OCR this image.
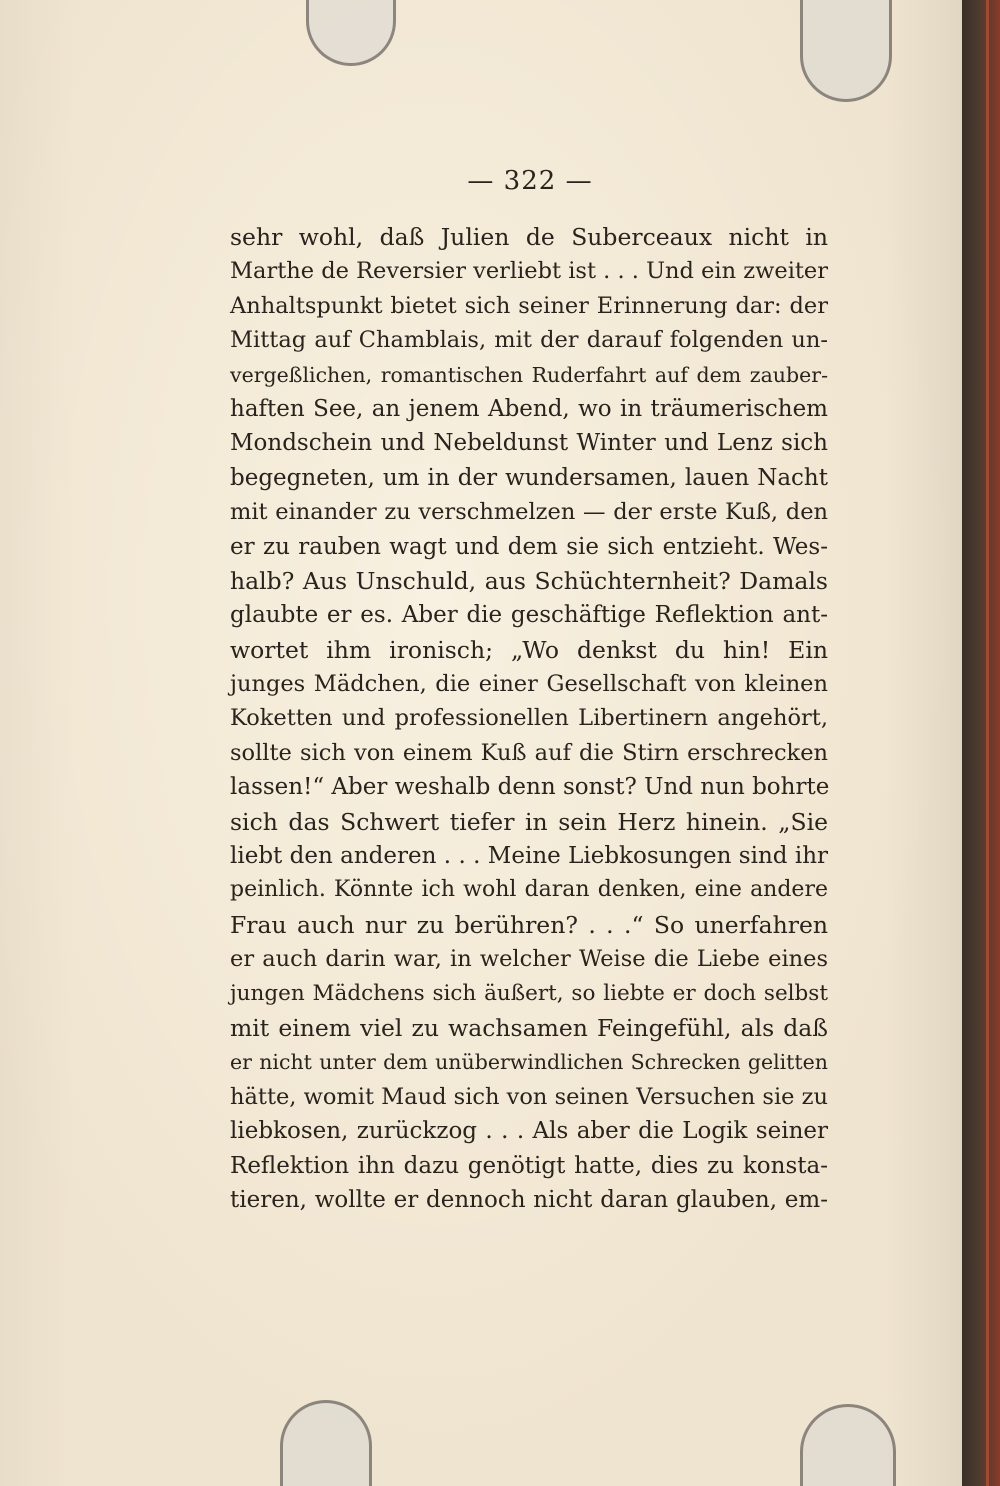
— 322 —
sehr wohl, daß Julien de Suberceaux nicht in
Marthe de Reversier verliebt ist . . . Und ein zweiter
Anhaltspunkt bietet sich seiner Erinnerung dar: der
Mittag auf Chamblais, mit der darauf folgenden un-
vergeßlichen, romantischen Ruderfahrt auf dem zauber-
haften See, an jenem Abend, wo in träumerischem
Mondschein und Nebeldunst Winter und Lenz sich
begegneten, um in der wundersamen, lauen Nacht
mit einander zu verschmelzen — der erste Kuß, den
er zu rauben wagt und dem sie sich entzieht. Wes-
halb? Aus Unschuld, aus Schüchternheit? Damals
glaubte er es. Aber die geschäftige Reflektion ant-
wortet ihm ironisch; „Wo denkst du hin! Ein
junges Mädchen, die einer Gesellschaft von kleinen
Koketten und professionellen Libertinern angehört,
sollte sich von einem Kuß auf die Stirn erschrecken
lassen!“ Aber weshalb denn sonst? Und nun bohrte
sich das Schwert tiefer in sein Herz hinein. „Sie
liebt den anderen . . . Meine Liebkosungen sind ihr
peinlich. Könnte ich wohl daran denken, eine andere
Frau auch nur zu berühren? . . .“ So unerfahren
er auch darin war, in welcher Weise die Liebe eines
jungen Mädchens sich äußert, so liebte er doch selbst
mit einem viel zu wachsamen Feingefühl, als daß
er nicht unter dem unüberwindlichen Schrecken gelitten
hätte, womit Maud sich von seinen Versuchen sie zu
liebkosen, zurückzog . . . Als aber die Logik seiner
Reflektion ihn dazu genötigt hatte, dies zu konsta-
tieren, wollte er dennoch nicht daran glauben, em-
